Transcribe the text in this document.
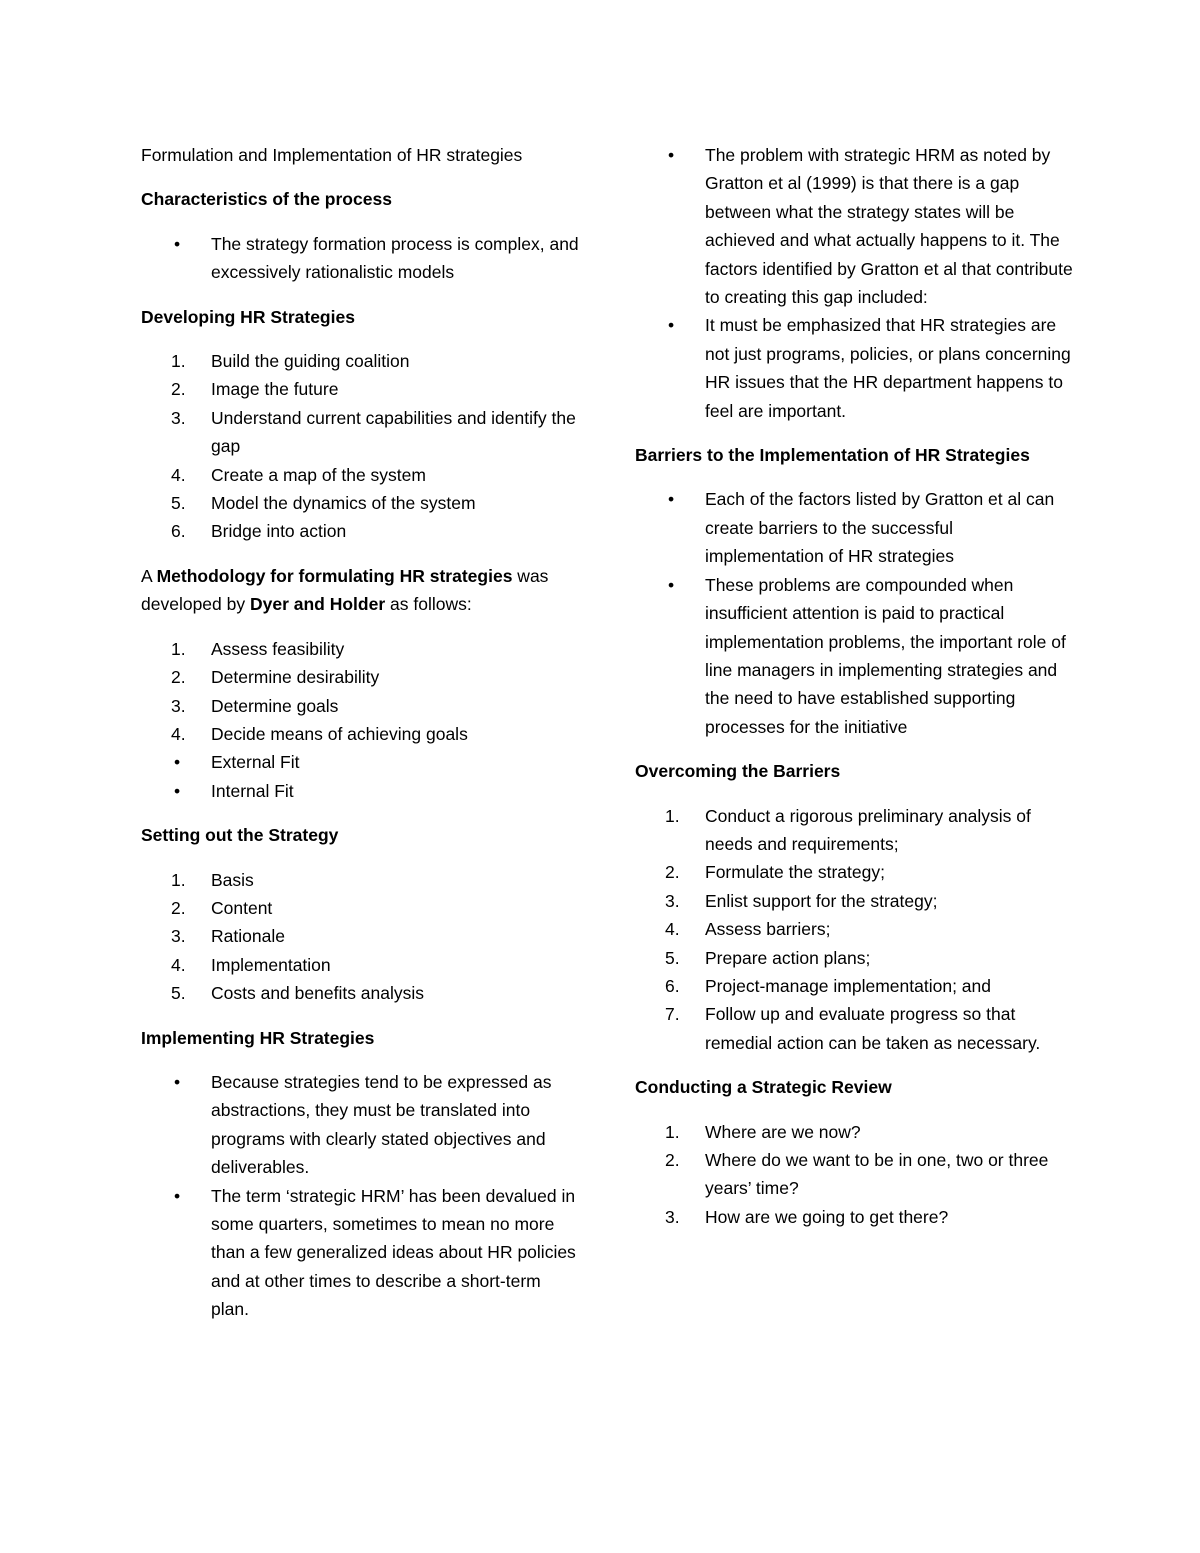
Formulation and Implementation of HR strategies

Characteristics of the process
•	The strategy formation process is complex, and excessively rationalistic models
Developing HR Strategies
1.	Build the guiding coalition
2.	Image the future
3.	Understand current capabilities and identify the gap
4.	Create a map of the system
5.	Model the dynamics of the system
6.	Bridge into action

A Methodology for formulating HR strategies was developed by Dyer and Holder as follows:

1.	Assess feasibility
2.	Determine desirability
3.	Determine goals
4.	Decide means of achieving goals
•	External Fit
•	Internal Fit
Setting out the Strategy
1.	Basis
2.	Content
3.	Rationale
4.	Implementation
5.	Costs and benefits analysis
Implementing HR Strategies
•	Because strategies tend to be expressed as abstractions, they must be translated into programs with clearly stated objectives and deliverables.
•	The term ‘strategic HRM’ has been devalued in some quarters, sometimes to mean no more than a few generalized ideas about HR policies and at other times to describe a short-term plan.
•	The problem with strategic HRM as noted by Gratton et al (1999) is that there is a gap between what the strategy states will be achieved and what actually happens to it. The factors identified by Gratton et al that contribute to creating this gap included:
•	It must be emphasized that HR strategies are not just programs, policies, or plans concerning HR issues that the HR department happens to feel are important.
Barriers to the Implementation of HR Strategies
•	Each of the factors listed by Gratton et al can create barriers to the successful implementation of HR strategies
•	These problems are compounded when insufficient attention is paid to practical implementation problems, the important role of line managers in implementing strategies and the need to have established supporting processes for the initiative
Overcoming the Barriers
1.	Conduct a rigorous preliminary analysis of needs and requirements;
2.	Formulate the strategy;
3.	Enlist support for the strategy;
4.	Assess barriers;
5.	Prepare action plans;
6.	Project-manage implementation; and
7.	Follow up and evaluate progress so that remedial action can be taken as necessary.
Conducting a Strategic Review
1.	Where are we now?
2.	Where do we want to be in one, two or three years’ time?
3.	How are we going to get there?
